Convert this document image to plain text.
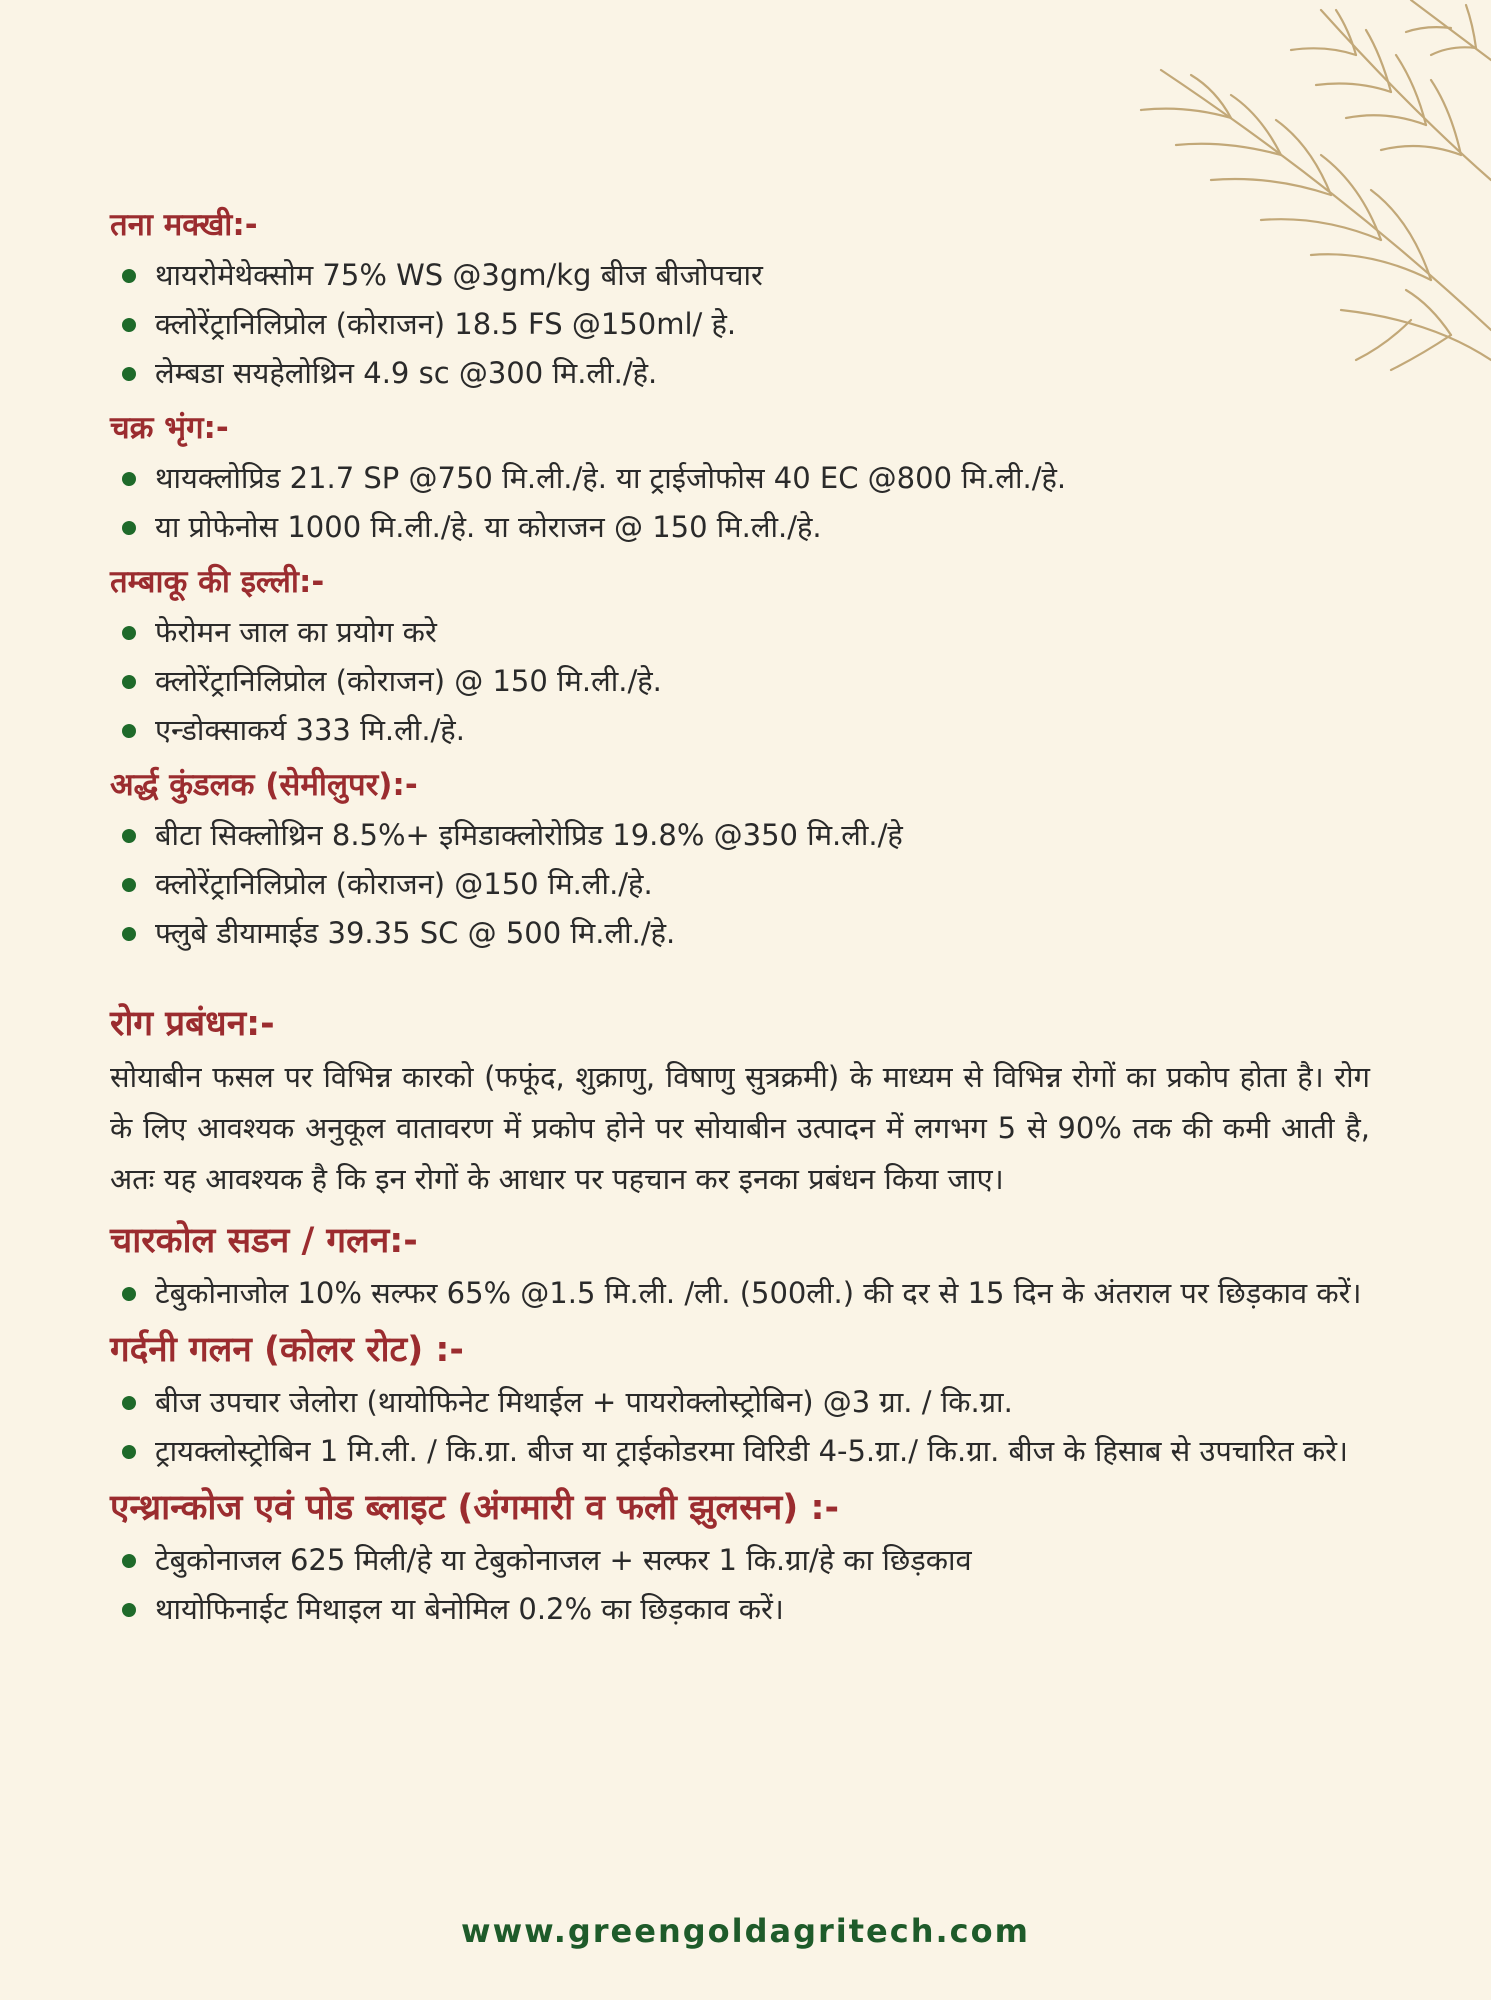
तना मक्खी:-
थायरोमेथेक्सोम 75% WS @3gm/kg बीज बीजोपचार
क्लोरेंट्रानिलिप्रोल (कोराजन) 18.5 FS @150ml/ हे.
लेम्बडा सयहेलोथ्रिन 4.9 sc @300 मि.ली./हे.
चक्र भृंग:-
थायक्लोप्रिड 21.7 SP @750 मि.ली./हे. या ट्राईजोफोस 40 EC @800 मि.ली./हे.
या प्रोफेनोस 1000 मि.ली./हे. या कोराजन @ 150 मि.ली./हे.
तम्बाकू की इल्ली:-
फेरोमन जाल का प्रयोग करे
क्लोरेंट्रानिलिप्रोल (कोराजन) @ 150 मि.ली./हे.
एन्डोक्साकर्य 333 मि.ली./हे.
अर्द्ध कुंडलक (सेमीलुपर):-
बीटा सिक्लोथ्रिन 8.5%+ इमिडाक्लोरोप्रिड 19.8% @350 मि.ली./हे
क्लोरेंट्रानिलिप्रोल (कोराजन) @150 मि.ली./हे.
फ्लुबे डीयामाईड 39.35 SC @ 500 मि.ली./हे.
रोग प्रबंधन:-

सोयाबीन फसल पर विभिन्न कारको (फफूंद, शुक्राणु, विषाणु सुत्रक्रमी) के माध्यम से विभिन्न रोगों का प्रकोप होता है। रोग के लिए आवश्यक अनुकूल वातावरण में प्रकोप होने पर सोयाबीन उत्पादन में लगभग 5 से 90% तक की कमी आती है, अतः यह आवश्यक है कि इन रोगों के आधार पर पहचान कर इनका प्रबंधन किया जाए।

चारकोल सडन / गलन:-
टेबुकोनाजोल 10% सल्फर 65% @1.5 मि.ली. /ली. (500ली.) की दर से 15 दिन के अंतराल पर छिड़काव करें।
गर्दनी गलन (कोलर रोट) :-
बीज उपचार जेलोरा (थायोफिनेट मिथाईल + पायरोक्लोस्ट्रोबिन) @3 ग्रा. / कि.ग्रा.
ट्रायक्लोस्ट्रोबिन 1 मि.ली. / कि.ग्रा. बीज या ट्राईकोडरमा विरिडी 4-5.ग्रा./ कि.ग्रा. बीज के हिसाब से उपचारित करे।
एन्थ्रान्कोज एवं पोड ब्लाइट (अंगमारी व फली झुलसन) :-
टेबुकोनाजल 625 मिली/हे या टेबुकोनाजल + सल्फर 1 कि.ग्रा/हे का छिड़काव
थायोफिनाईट मिथाइल या बेनोमिल 0.2% का छिड़काव करें।
www.greengoldagritech.com
